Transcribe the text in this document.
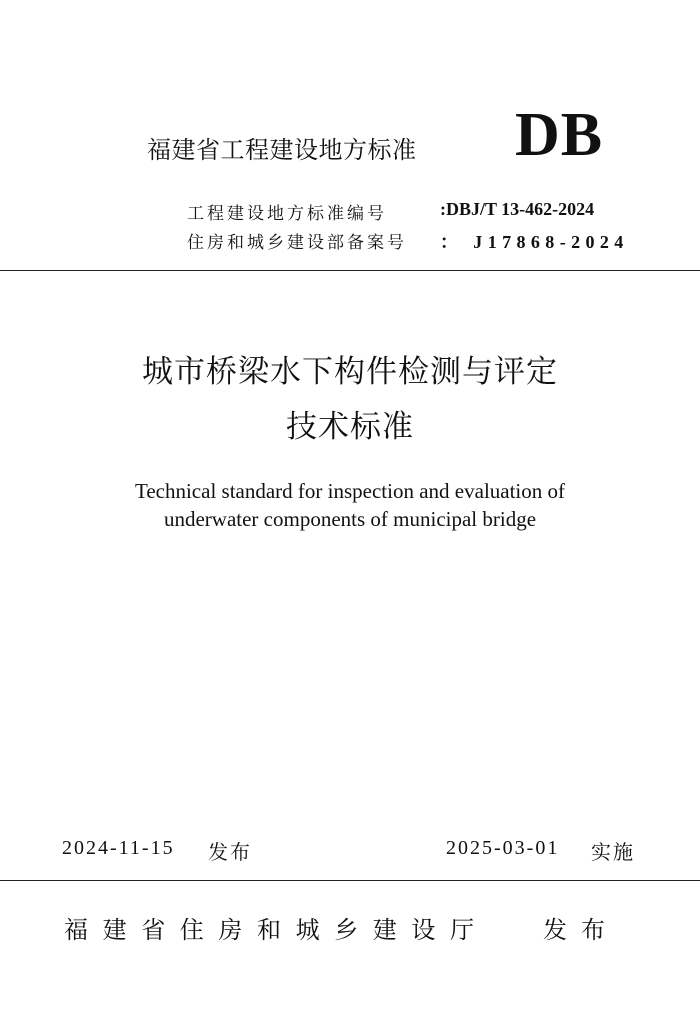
福建省工程建设地方标准 DB
工程建设地方标准编号	:DBJ/T 13-462-2024
住房和城乡建设部备案号 ： J17868-2024
城市桥梁水下构件检测与评定
技术标准
Technical standard for inspection and evaluation of
underwater components of municipal bridge
2024-11-15 发布	2025-03-01 实施
福建省住房和城乡建设厅 发布
